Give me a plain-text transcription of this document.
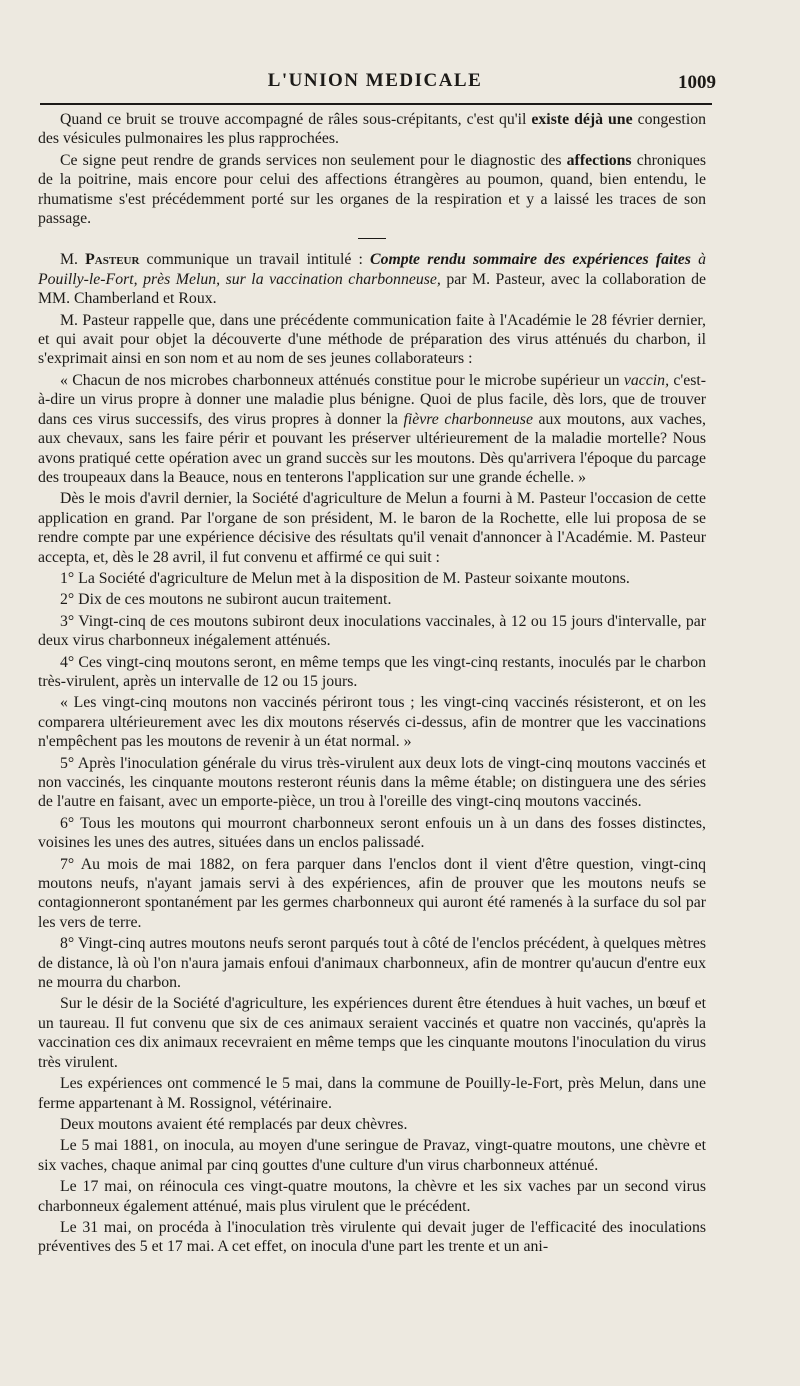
L'UNION MEDICALE	1009

Quand ce bruit se trouve accompagné de râles sous-crépitants, c'est qu'il existe déjà une congestion des vésicules pulmonaires les plus rapprochées.

Ce signe peut rendre de grands services non seulement pour le diagnostic des affections chroniques de la poitrine, mais encore pour celui des affections étrangères au poumon, quand, bien entendu, le rhumatisme s'est précédemment porté sur les organes de la respiration et y a laissé les traces de son passage.

M. Pasteur communique un travail intitulé : Compte rendu sommaire des expériences faites à Pouilly-le-Fort, près Melun, sur la vaccination charbonneuse, par M. Pasteur, avec la collaboration de MM. Chamberland et Roux.

M. Pasteur rappelle que, dans une précédente communication faite à l'Académie le 28 février dernier, et qui avait pour objet la découverte d'une méthode de préparation des virus atténués du charbon, il s'exprimait ainsi en son nom et au nom de ses jeunes collaborateurs :

« Chacun de nos microbes charbonneux atténués constitue pour le microbe supérieur un vaccin, c'est-à-dire un virus propre à donner une maladie plus bénigne. Quoi de plus facile, dès lors, que de trouver dans ces virus successifs, des virus propres à donner la fièvre charbonneuse aux moutons, aux vaches, aux chevaux, sans les faire périr et pouvant les préserver ultérieurement de la maladie mortelle? Nous avons pratiqué cette opération avec un grand succès sur les moutons. Dès qu'arrivera l'époque du parcage des troupeaux dans la Beauce, nous en tenterons l'application sur une grande échelle. »

Dès le mois d'avril dernier, la Société d'agriculture de Melun a fourni à M. Pasteur l'occasion de cette application en grand. Par l'organe de son président, M. le baron de la Rochette, elle lui proposa de se rendre compte par une expérience décisive des résultats qu'il venait d'annoncer à l'Académie. M. Pasteur accepta, et, dès le 28 avril, il fut convenu et affirmé ce qui suit :

1° La Société d'agriculture de Melun met à la disposition de M. Pasteur soixante moutons.

2° Dix de ces moutons ne subiront aucun traitement.

3° Vingt-cinq de ces moutons subiront deux inoculations vaccinales, à 12 ou 15 jours d'intervalle, par deux virus charbonneux inégalement atténués.

4° Ces vingt-cinq moutons seront, en même temps que les vingt-cinq restants, inoculés par le charbon très-virulent, après un intervalle de 12 ou 15 jours.

« Les vingt-cinq moutons non vaccinés périront tous ; les vingt-cinq vaccinés résisteront, et on les comparera ultérieurement avec les dix moutons réservés ci-dessus, afin de montrer que les vaccinations n'empêchent pas les moutons de revenir à un état normal. »

5° Après l'inoculation générale du virus très-virulent aux deux lots de vingt-cinq moutons vaccinés et non vaccinés, les cinquante moutons resteront réunis dans la même étable; on distinguera une des séries de l'autre en faisant, avec un emporte-pièce, un trou à l'oreille des vingt-cinq moutons vaccinés.

6° Tous les moutons qui mourront charbonneux seront enfouis un à un dans des fosses distinctes, voisines les unes des autres, situées dans un enclos palissadé.

7° Au mois de mai 1882, on fera parquer dans l'enclos dont il vient d'être question, vingt-cinq moutons neufs, n'ayant jamais servi à des expériences, afin de prouver que les moutons neufs se contagionneront spontanément par les germes charbonneux qui auront été ramenés à la surface du sol par les vers de terre.

8° Vingt-cinq autres moutons neufs seront parqués tout à côté de l'enclos précédent, à quelques mètres de distance, là où l'on n'aura jamais enfoui d'animaux charbonneux, afin de montrer qu'aucun d'entre eux ne mourra du charbon.

Sur le désir de la Société d'agriculture, les expériences durent être étendues à huit vaches, un bœuf et un taureau. Il fut convenu que six de ces animaux seraient vaccinés et quatre non vaccinés, qu'après la vaccination ces dix animaux recevraient en même temps que les cinquante moutons l'inoculation du virus très virulent.

Les expériences ont commencé le 5 mai, dans la commune de Pouilly-le-Fort, près Melun, dans une ferme appartenant à M. Rossignol, vétérinaire.

Deux moutons avaient été remplacés par deux chèvres.

Le 5 mai 1881, on inocula, au moyen d'une seringue de Pravaz, vingt-quatre moutons, une chèvre et six vaches, chaque animal par cinq gouttes d'une culture d'un virus charbonneux atténué.

Le 17 mai, on réinocula ces vingt-quatre moutons, la chèvre et les six vaches par un second virus charbonneux également atténué, mais plus virulent que le précédent.

Le 31 mai, on procéda à l'inoculation très virulente qui devait juger de l'efficacité des inoculations préventives des 5 et 17 mai. A cet effet, on inocula d'une part les trente et un ani-
